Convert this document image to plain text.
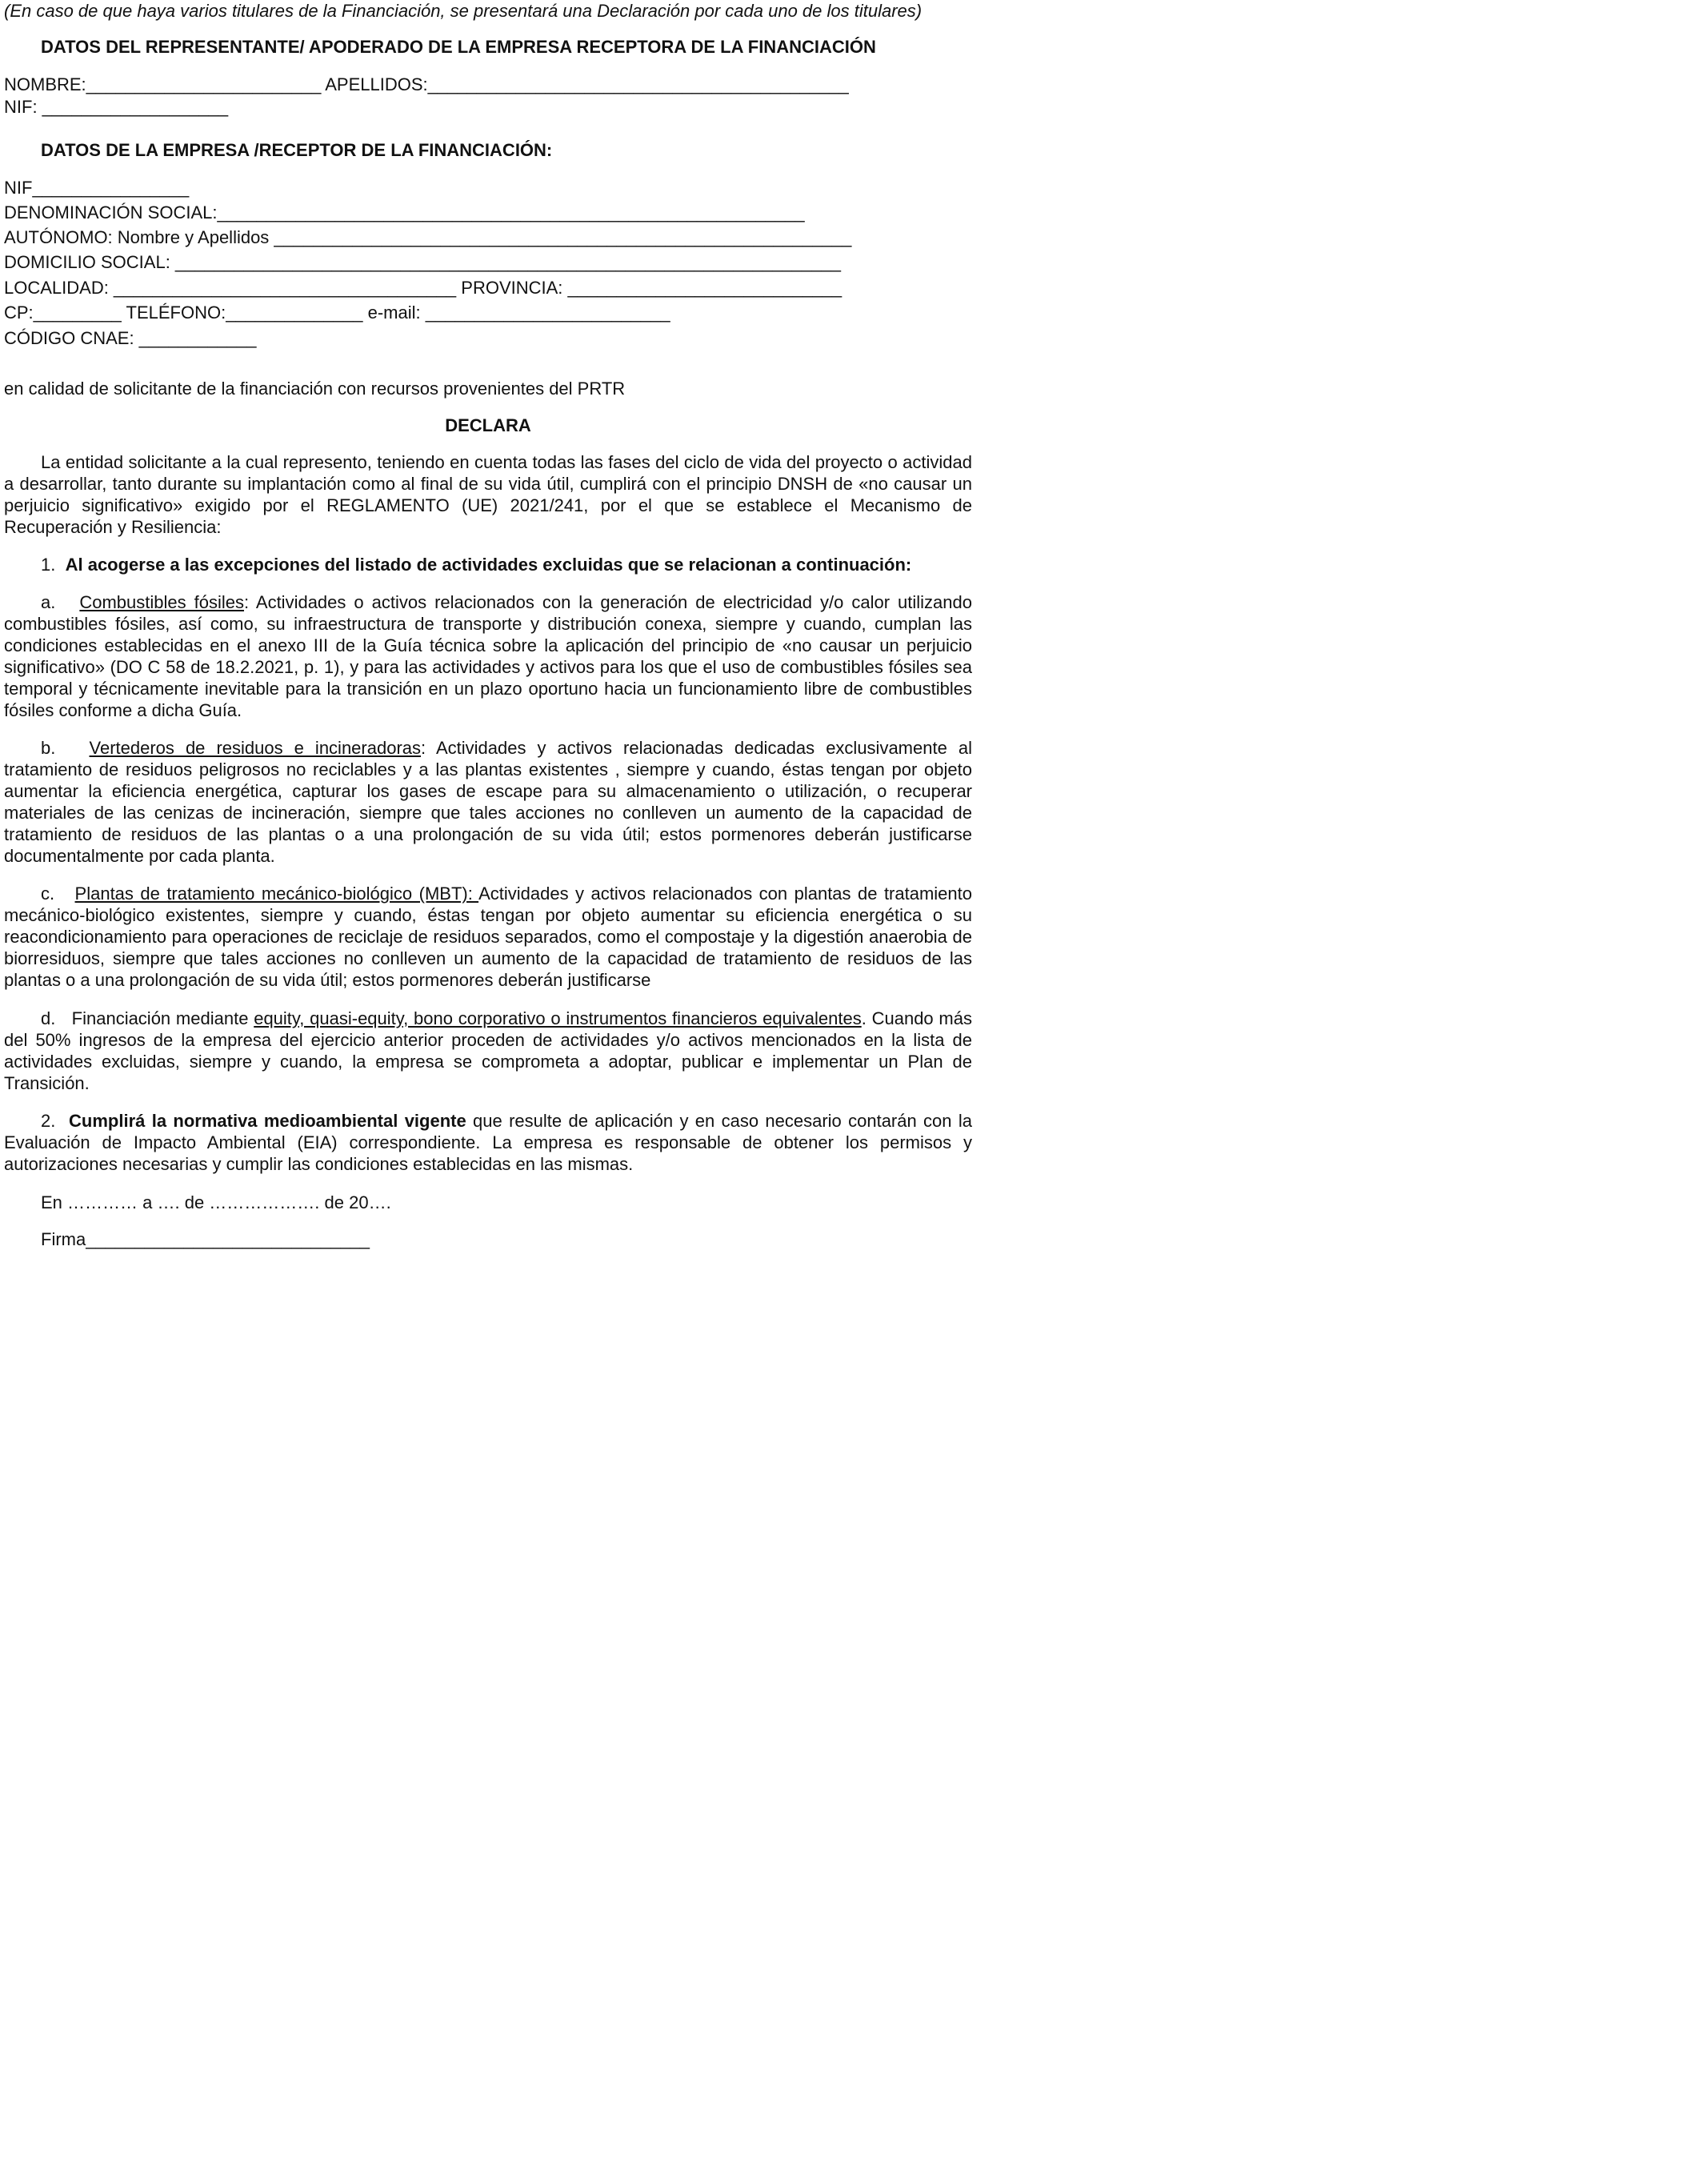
(En caso de que haya varios titulares de la Financiación, se presentará una Declaración por cada uno de los titulares)
DATOS DEL REPRESENTANTE/ APODERADO DE LA EMPRESA RECEPTORA DE LA FINANCIACIÓN
NOMBRE:________________________ APELLIDOS:___________________________________________
NIF: ___________________
DATOS DE LA EMPRESA /RECEPTOR DE LA FINANCIACIÓN:
NIF________________
DENOMINACIÓN SOCIAL:____________________________________________________________
AUTÓNOMO: Nombre y Apellidos ___________________________________________________________
DOMICILIO SOCIAL: ____________________________________________________________________
LOCALIDAD: ___________________________________ PROVINCIA: ____________________________
CP:_________ TELÉFONO:______________ e-mail: _________________________
CÓDIGO CNAE: ____________
en calidad de solicitante de la financiación con recursos provenientes del PRTR
DECLARA

La entidad solicitante a la cual represento, teniendo en cuenta todas las fases del ciclo de vida del proyecto o actividad a desarrollar, tanto durante su implantación como al final de su vida útil, cumplirá con el principio DNSH de «no causar un perjuicio significativo» exigido por el REGLAMENTO (UE) 2021/241, por el que se establece el Mecanismo de Recuperación y Resiliencia:

1. Al acogerse a las excepciones del listado de actividades excluidas que se relacionan a continuación:

a. Combustibles fósiles: Actividades o activos relacionados con la generación de electricidad y/o calor utilizando combustibles fósiles, así como, su infraestructura de transporte y distribución conexa, siempre y cuando, cumplan las condiciones establecidas en el anexo III de la Guía técnica sobre la aplicación del principio de «no causar un perjuicio significativo» (DO C 58 de 18.2.2021, p. 1), y para las actividades y activos para los que el uso de combustibles fósiles sea temporal y técnicamente inevitable para la transición en un plazo oportuno hacia un funcionamiento libre de combustibles fósiles conforme a dicha Guía.

b. Vertederos de residuos e incineradoras: Actividades y activos relacionadas dedicadas exclusivamente al tratamiento de residuos peligrosos no reciclables y a las plantas existentes , siempre y cuando, éstas tengan por objeto aumentar la eficiencia energética, capturar los gases de escape para su almacenamiento o utilización, o recuperar materiales de las cenizas de incineración, siempre que tales acciones no conlleven un aumento de la capacidad de tratamiento de residuos de las plantas o a una prolongación de su vida útil; estos pormenores deberán justificarse documentalmente por cada planta.

c. Plantas de tratamiento mecánico-biológico (MBT): Actividades y activos relacionados con plantas de tratamiento mecánico-biológico existentes, siempre y cuando, éstas tengan por objeto aumentar su eficiencia energética o su reacondicionamiento para operaciones de reciclaje de residuos separados, como el compostaje y la digestión anaerobia de biorresiduos, siempre que tales acciones no conlleven un aumento de la capacidad de tratamiento de residuos de las plantas o a una prolongación de su vida útil; estos pormenores deberán justificarse

d. Financiación mediante equity, quasi-equity, bono corporativo o instrumentos financieros equivalentes. Cuando más del 50% ingresos de la empresa del ejercicio anterior proceden de actividades y/o activos mencionados en la lista de actividades excluidas, siempre y cuando, la empresa se comprometa a adoptar, publicar e implementar un Plan de Transición.

2. Cumplirá la normativa medioambiental vigente que resulte de aplicación y en caso necesario contarán con la Evaluación de Impacto Ambiental (EIA) correspondiente. La empresa es responsable de obtener los permisos y autorizaciones necesarias y cumplir las condiciones establecidas en las mismas.

En ………… a …. de ………………. de 20….
Firma_____________________________
